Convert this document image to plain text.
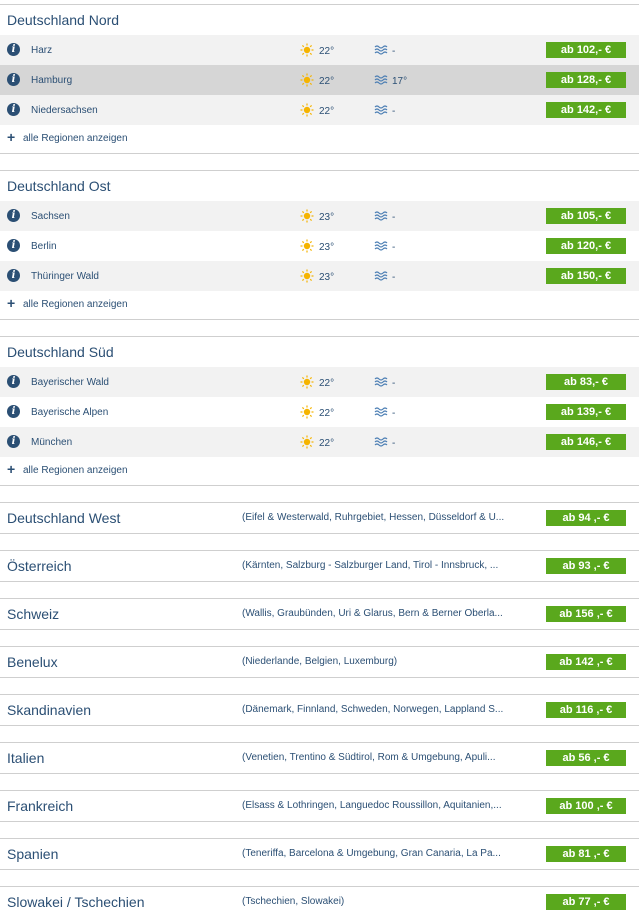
Deutschland Nord
i	Harz	22°	-	ab 102,- €
i	Hamburg	22°	17°	ab 128,- €
i	Niedersachsen	22°	-	ab 142,- €
+ alle Regionen anzeigen
Deutschland Ost
i	Sachsen	23°	-	ab 105,- €
i	Berlin	23°	-	ab 120,- €
i	Thüringer Wald	23°	-	ab 150,- €
+ alle Regionen anzeigen
Deutschland Süd
i	Bayerischer Wald	22°	-	ab 83,- €
i	Bayerische Alpen	22°	-	ab 139,- €
i	München	22°	-	ab 146,- €
+ alle Regionen anzeigen
Deutschland West	(Eifel & Westerwald, Ruhrgebiet, Hessen, Düsseldorf & U...	ab 94 ,- €
Österreich	(Kärnten, Salzburg - Salzburger Land, Tirol - Innsbruck, ...	ab 93 ,- €
Schweiz	(Wallis, Graubünden, Uri & Glarus, Bern & Berner Oberla...	ab 156 ,- €
Benelux	(Niederlande, Belgien, Luxemburg)	ab 142 ,- €
Skandinavien	(Dänemark, Finnland, Schweden, Norwegen, Lappland S...	ab 116 ,- €
Italien	(Venetien, Trentino & Südtirol, Rom & Umgebung, Apuli...	ab 56 ,- €
Frankreich	(Elsass & Lothringen, Languedoc Roussillon, Aquitanien,...	ab 100 ,- €
Spanien	(Teneriffa, Barcelona & Umgebung, Gran Canaria, La Pa...	ab 81 ,- €
Slowakei / Tschechien	(Tschechien, Slowakei)	ab 77 ,- €
